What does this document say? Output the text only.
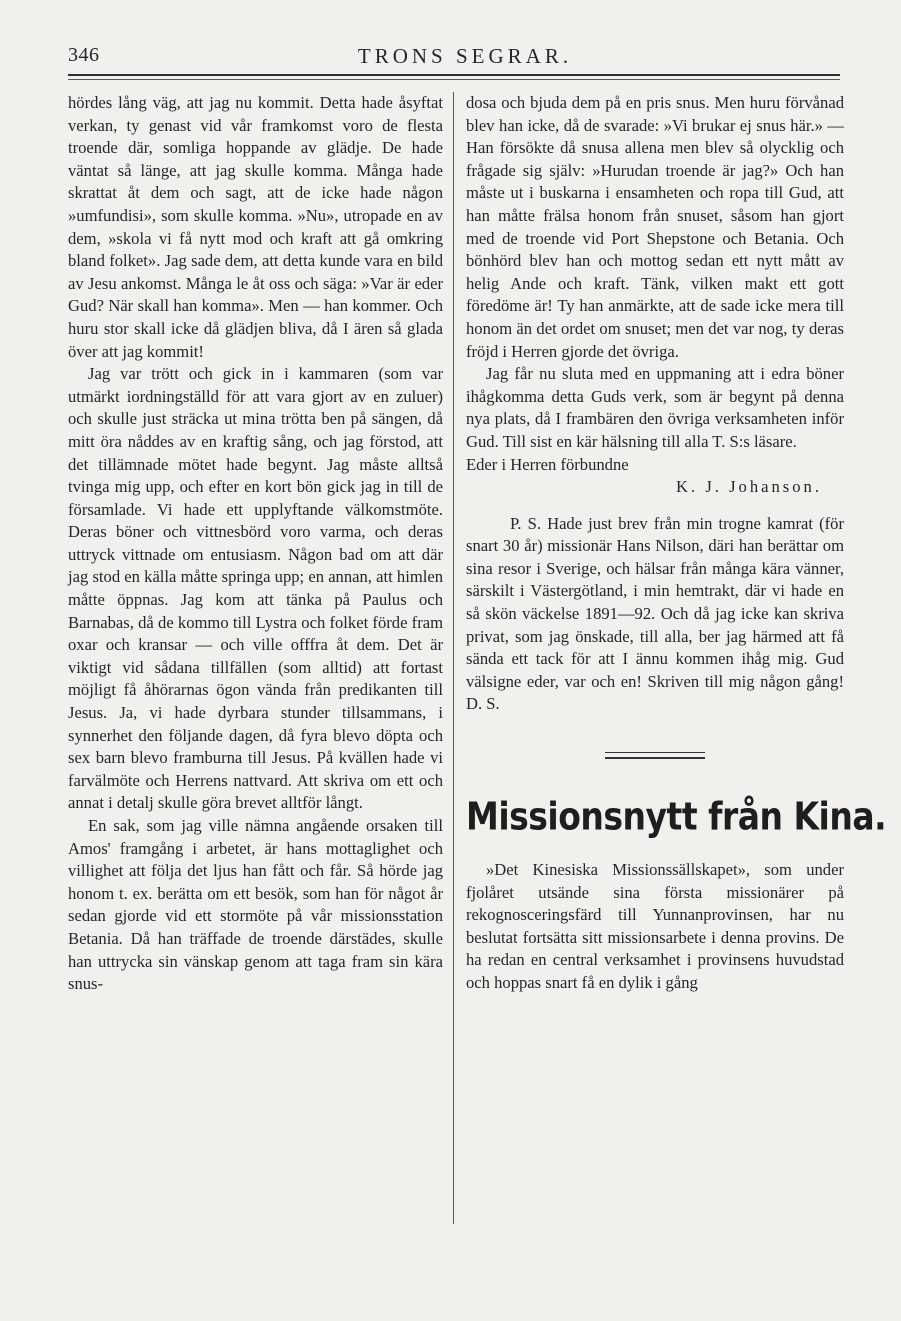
346	TRONS SEGRAR.

hördes lång väg, att jag nu kommit. Detta hade åsyftat verkan, ty genast vid vår framkomst voro de flesta troende där, somliga hoppande av glädje. De hade väntat så länge, att jag skulle komma. Många hade skrattat åt dem och sagt, att de icke hade någon »umfundisi», som skulle komma. »Nu», utropade en av dem, »skola vi få nytt mod och kraft att gå omkring bland folket». Jag sade dem, att detta kunde vara en bild av Jesu ankomst. Många le åt oss och säga: »Var är eder Gud? När skall han komma». Men — han kommer. Och huru stor skall icke då glädjen bliva, då I ären så glada över att jag kommit!

Jag var trött och gick in i kammaren (som var utmärkt iordningställd för att vara gjort av en zuluer) och skulle just sträcka ut mina trötta ben på sängen, då mitt öra nåddes av en kraftig sång, och jag förstod, att det tillämnade mötet hade begynt. Jag måste alltså tvinga mig upp, och efter en kort bön gick jag in till de församlade. Vi hade ett upplyftande välkomstmöte. Deras böner och vittnesbörd voro varma, och deras uttryck vittnade om entusiasm. Någon bad om att där jag stod en källa måtte springa upp; en annan, att himlen måtte öppnas. Jag kom att tänka på Paulus och Barnabas, då de kommo till Lystra och folket förde fram oxar och kransar — och ville offfra åt dem. Det är viktigt vid sådana tillfällen (som alltid) att fortast möjligt få åhörarnas ögon vända från predikanten till Jesus. Ja, vi hade dyrbara stunder tillsammans, i synnerhet den följande dagen, då fyra blevo döpta och sex barn blevo framburna till Jesus. På kvällen hade vi farvälmöte och Herrens nattvard. Att skriva om ett och annat i detalj skulle göra brevet alltför långt.

En sak, som jag ville nämna angående orsaken till Amos' framgång i arbetet, är hans mottaglighet och villighet att följa det ljus han fått och får. Så hörde jag honom t. ex. berätta om ett besök, som han för något år sedan gjorde vid ett stormöte på vår missionsstation Betania. Då han träffade de troende därstädes, skulle han uttrycka sin vänskap genom att taga fram sin kära snus-

dosa och bjuda dem på en pris snus. Men huru förvånad blev han icke, då de svarade: »Vi brukar ej snus här.» — Han försökte då snusa allena men blev så olycklig och frågade sig själv: »Hurudan troende är jag?» Och han måste ut i buskarna i ensamheten och ropa till Gud, att han måtte frälsa honom från snuset, såsom han gjort med de troende vid Port Shepstone och Betania. Och bönhörd blev han och mottog sedan ett nytt mått av helig Ande och kraft. Tänk, vilken makt ett gott föredöme är! Ty han anmärkte, att de sade icke mera till honom än det ordet om snuset; men det var nog, ty deras fröjd i Herren gjorde det övriga.

Jag får nu sluta med en uppmaning att i edra böner ihågkomma detta Guds verk, som är begynt på denna nya plats, då I frambären den övriga verksamheten inför Gud. Till sist en kär hälsning till alla T. S:s läsare.

Eder i Herren förbundne

K. J. Johanson.

P. S. Hade just brev från min trogne kamrat (för snart 30 år) missionär Hans Nilson, däri han berättar om sina resor i Sverige, och hälsar från många kära vänner, särskilt i Västergötland, i min hemtrakt, där vi hade en så skön väckelse 1891—92. Och då jag icke kan skriva privat, som jag önskade, till alla, ber jag härmed att få sända ett tack för att I ännu kommen ihåg mig. Gud välsigne eder, var och en! Skriven till mig någon gång! D. S.

Missionsnytt från Kina.

»Det Kinesiska Missionssällskapet», som under fjolåret utsände sina första missionärer på rekognosceringsfärd till Yunnanprovinsen, har nu beslutat fortsätta sitt missionsarbete i denna provins. De ha redan en central verksamhet i provinsens huvudstad och hoppas snart få en dylik i gång
